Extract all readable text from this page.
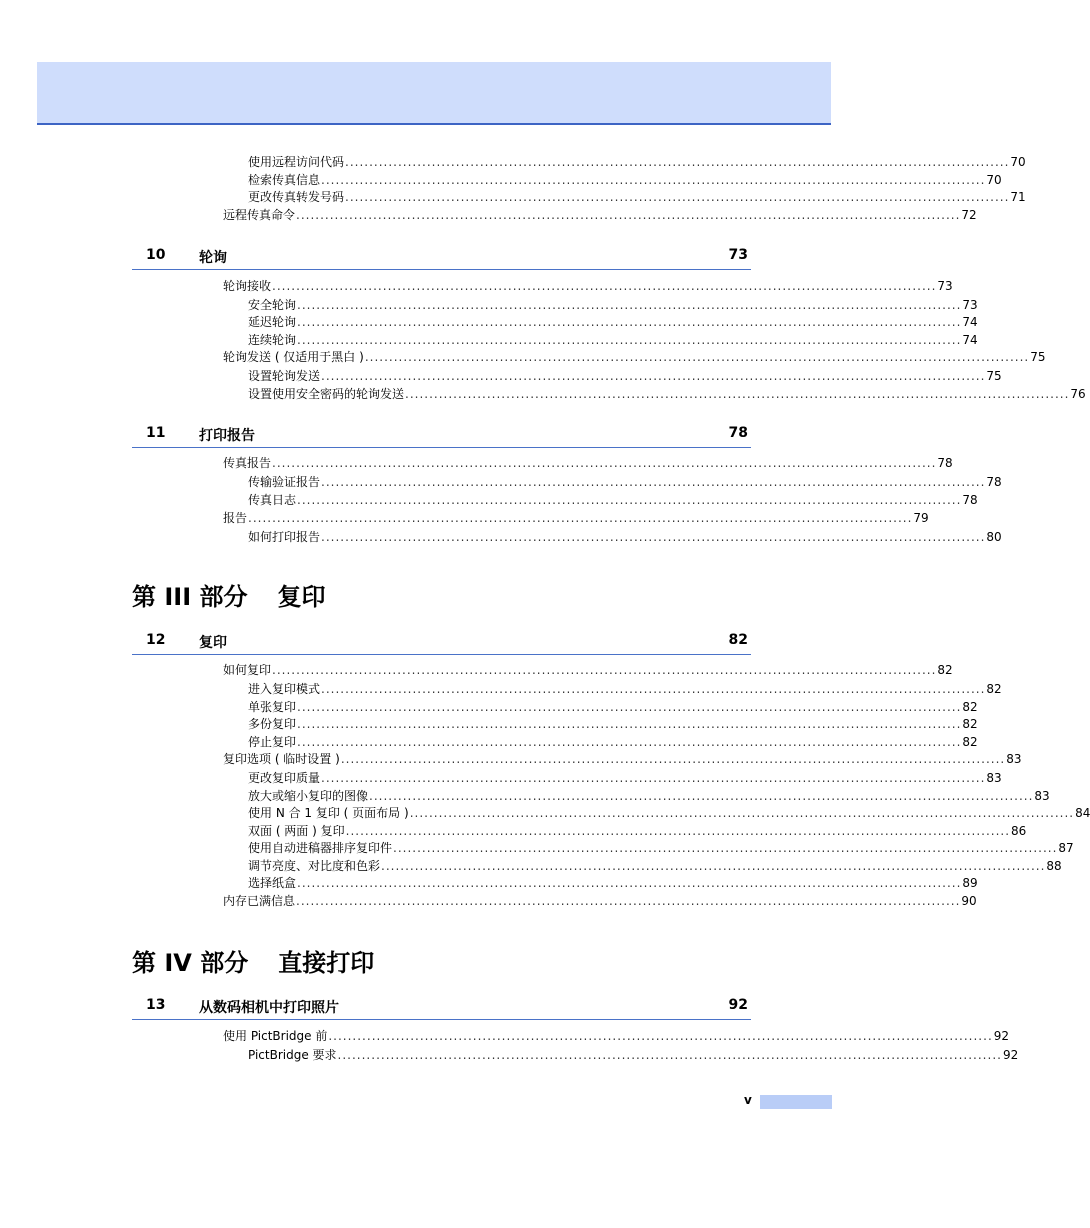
使用远程访问代码 .......................................................................................................................................... 70
检索传真信息 .......................................................................................................................................... 70
更改传真转发号码 .......................................................................................................................................... 71
远程传真命令 .......................................................................................................................................... 72
10 轮询	73
轮询接收 .......................................................................................................................................... 73
安全轮询 .......................................................................................................................................... 73
延迟轮询 .......................................................................................................................................... 74
连续轮询 .......................................................................................................................................... 74
轮询发送 ( 仅适用于黑白 ) .......................................................................................................................................... 75
设置轮询发送 .......................................................................................................................................... 75
设置使用安全密码的轮询发送 .......................................................................................................................................... 76
11 打印报告	78
传真报告 .......................................................................................................................................... 78
传输验证报告 .......................................................................................................................................... 78
传真日志 .......................................................................................................................................... 78
报告 .......................................................................................................................................... 79
如何打印报告 .......................................................................................................................................... 80
第 III 部分 复印
12 复印	82
如何复印 .......................................................................................................................................... 82
进入复印模式 .......................................................................................................................................... 82
单张复印 .......................................................................................................................................... 82
多份复印 .......................................................................................................................................... 82
停止复印 .......................................................................................................................................... 82
复印选项 ( 临时设置 ) .......................................................................................................................................... 83
更改复印质量 .......................................................................................................................................... 83
放大或缩小复印的图像 .......................................................................................................................................... 83
使用 N 合 1 复印 ( 页面布局 ) .......................................................................................................................................... 84
双面 ( 两面 ) 复印 .......................................................................................................................................... 86
使用自动进稿器排序复印件 .......................................................................................................................................... 87
调节亮度、对比度和色彩 .......................................................................................................................................... 88
选择纸盒 .......................................................................................................................................... 89
内存已满信息 .......................................................................................................................................... 90
第 IV 部分 直接打印
13 从数码相机中打印照片	92
使用 PictBridge 前 .......................................................................................................................................... 92
PictBridge 要求 .......................................................................................................................................... 92
v
